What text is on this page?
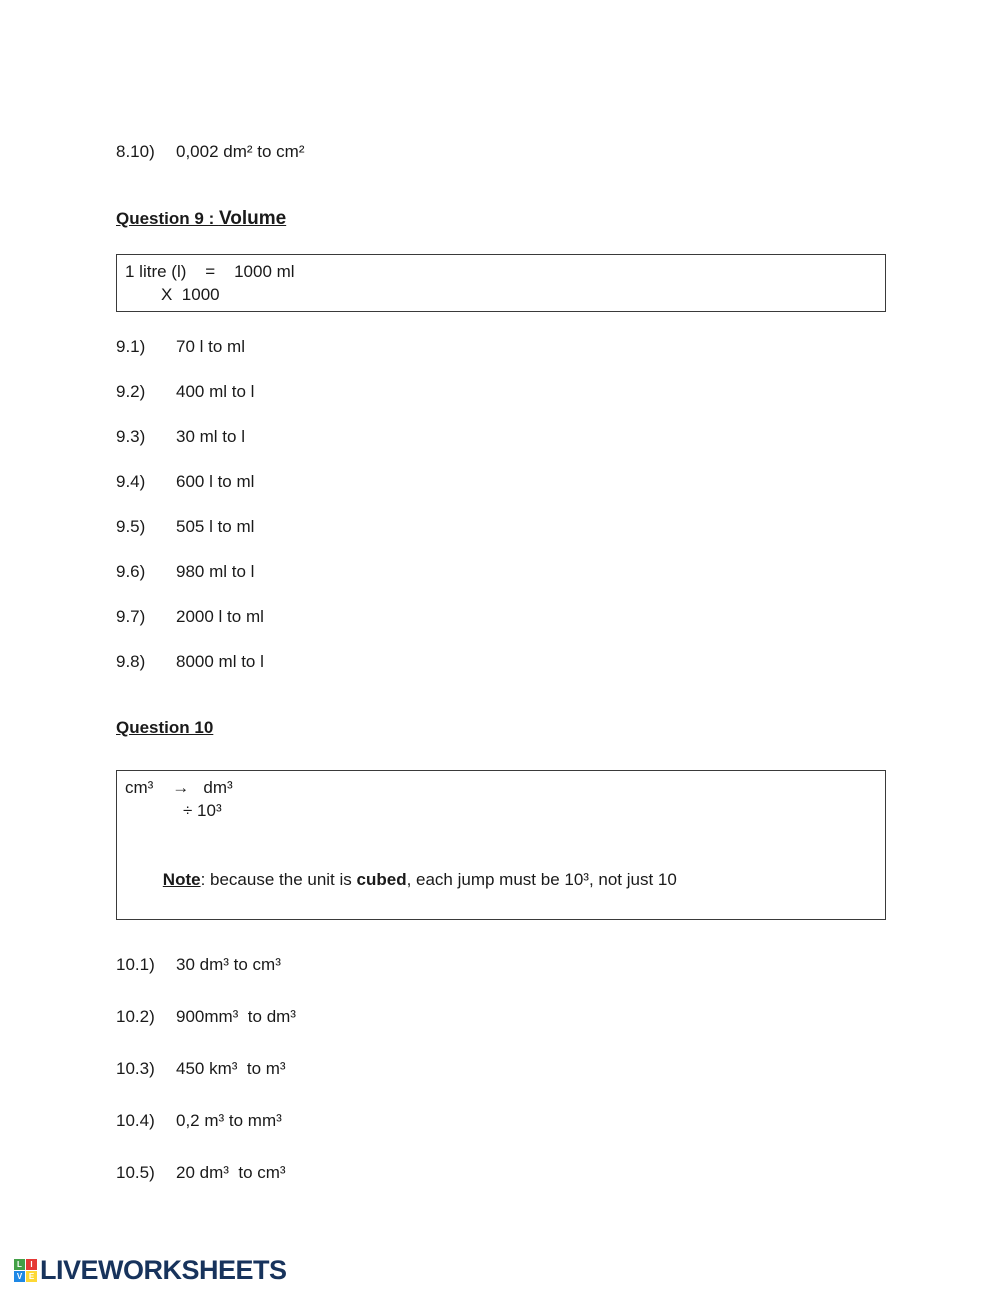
8.10)	0,002 dm² to cm²
Question 9 : Volume
1 litre (l)    =    1000 ml
X  1000
9.1)	70 l to ml
9.2)	400 ml to l
9.3)	30 ml to l
9.4)	600 l to ml
9.5)	505 l to ml
9.6)	980 ml to l
9.7)	2000 l to ml
9.8)	8000 ml to l
Question 10
cm³    →   dm³
÷ 10³

Note: because the unit is cubed, each jump must be 10³, not just 10

10.1)	30 dm³ to cm³
10.2)	900mm³  to dm³
10.3)	450 km³  to m³
10.4)	0,2 m³ to mm³
10.5)	20 dm³  to cm³
L	I
V E LIVEWORKSHEETS
